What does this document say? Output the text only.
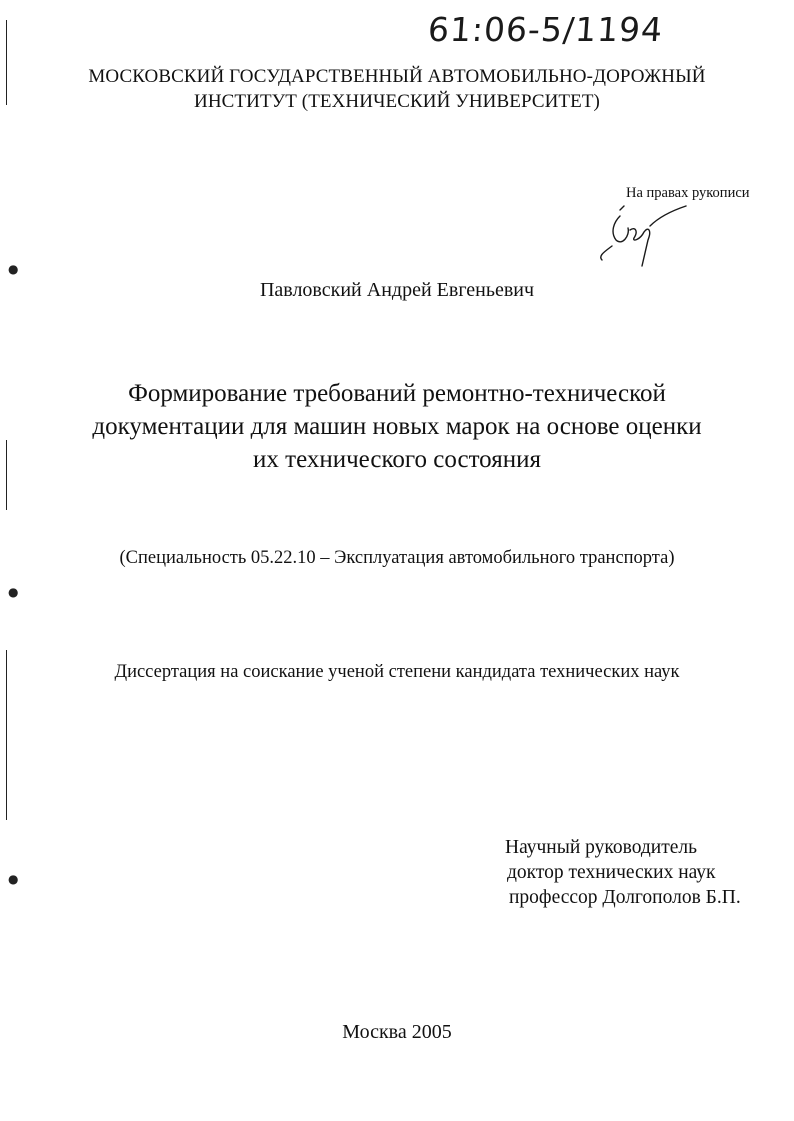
●
●
●
61:06-5/1194
МОСКОВСКИЙ ГОСУДАРСТВЕННЫЙ АВТОМОБИЛЬНО-ДОРОЖНЫЙ
ИНСТИТУТ (ТЕХНИЧЕСКИЙ УНИВЕРСИТЕТ)
На правах рукописи
Павловский Андрей Евгеньевич
Формирование требований ремонтно-технической
документации для машин новых марок на основе оценки
их технического состояния
(Специальность 05.22.10 – Эксплуатация автомобильного транспорта)
Диссертация на соискание ученой степени кандидата технических наук
Научный руководитель
доктор технических наук
профессор Долгополов Б.П.
Москва 2005
